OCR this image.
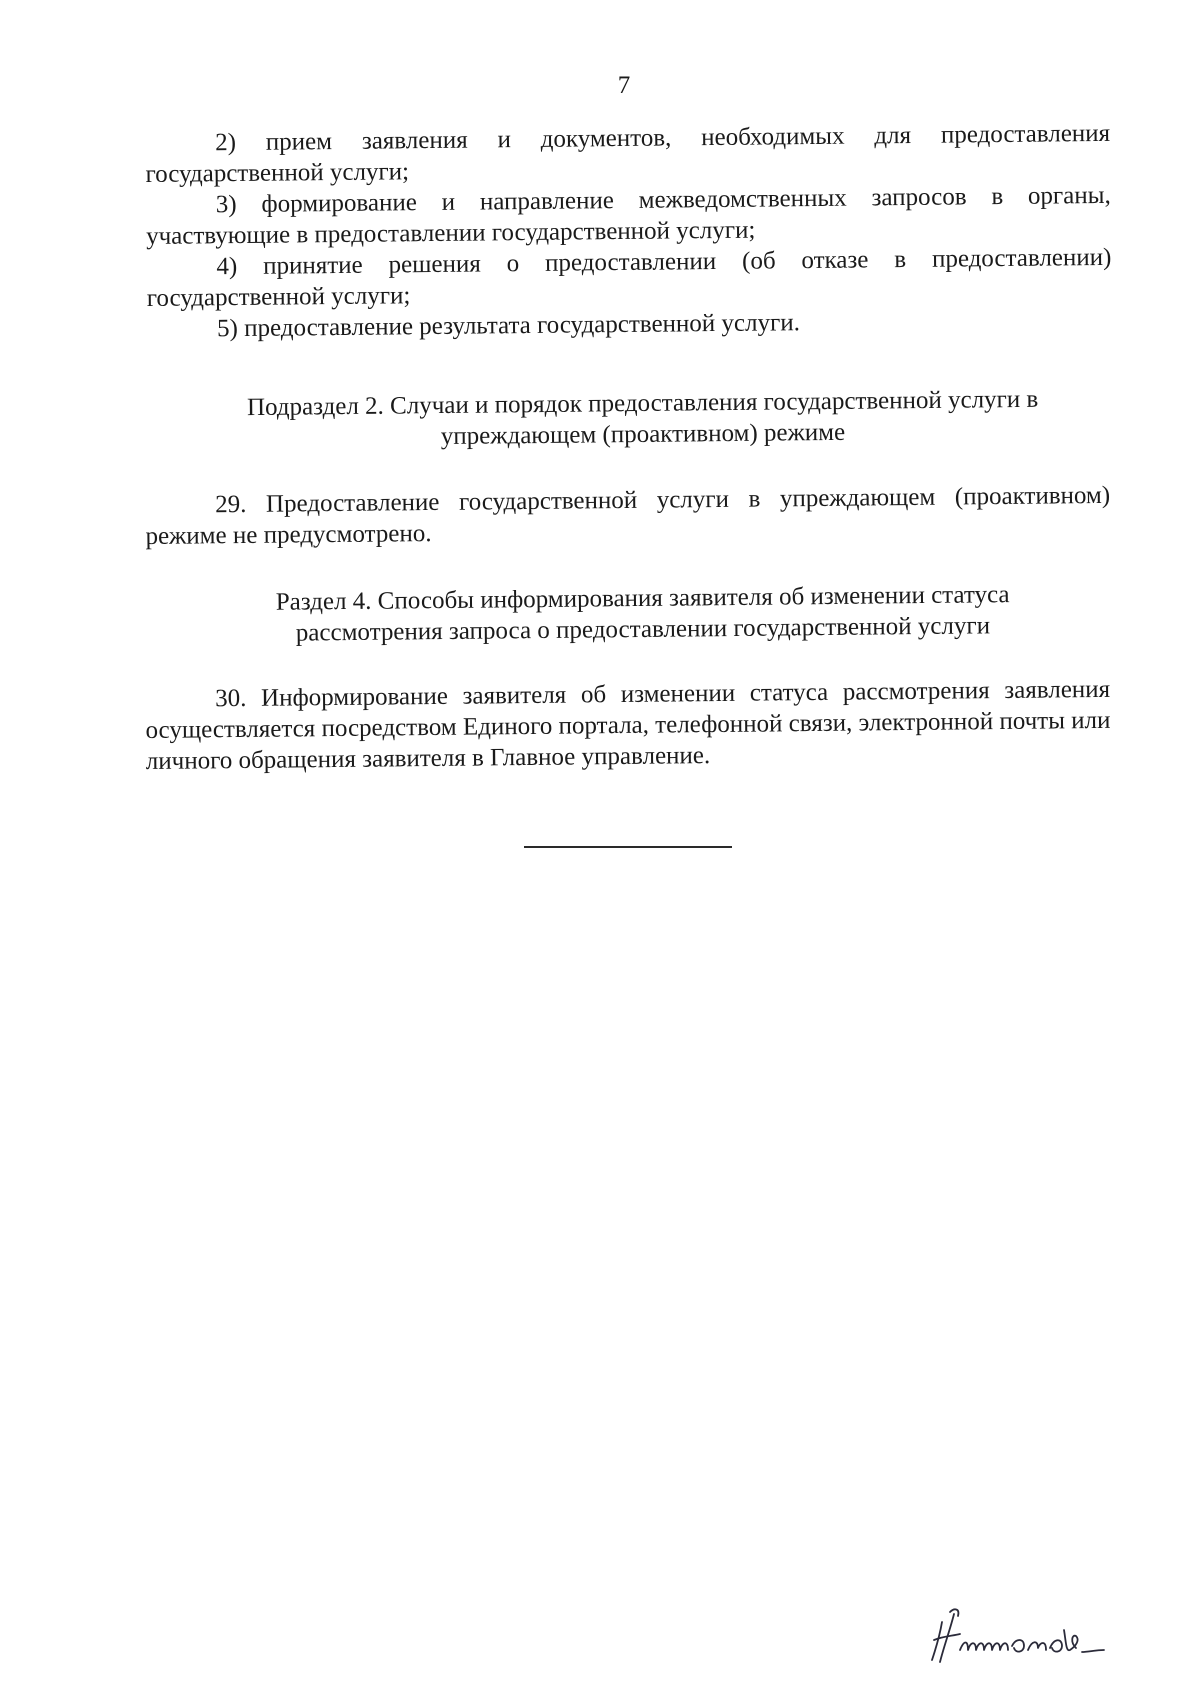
7

2) прием заявления и документов, необходимых для предоставления государственной услуги;

3) формирование и направление межведомственных запросов в органы, участвующие в предоставлении государственной услуги;

4) принятие решения о предоставлении (об отказе в предоставлении) государственной услуги;

5) предоставление результата государственной услуги.

Подраздел 2. Случаи и порядок предоставления государственной услуги в

упреждающем (проактивном) режиме

29. Предоставление государственной услуги в упреждающем (проактивном) режиме не предусмотрено.

Раздел 4. Способы информирования заявителя об изменении статуса

рассмотрения запроса о предоставлении государственной услуги

30. Информирование заявителя об изменении статуса рассмотрения заявления осуществляется посредством Единого портала, телефонной связи, электронной почты или личного обращения заявителя в Главное управление.
